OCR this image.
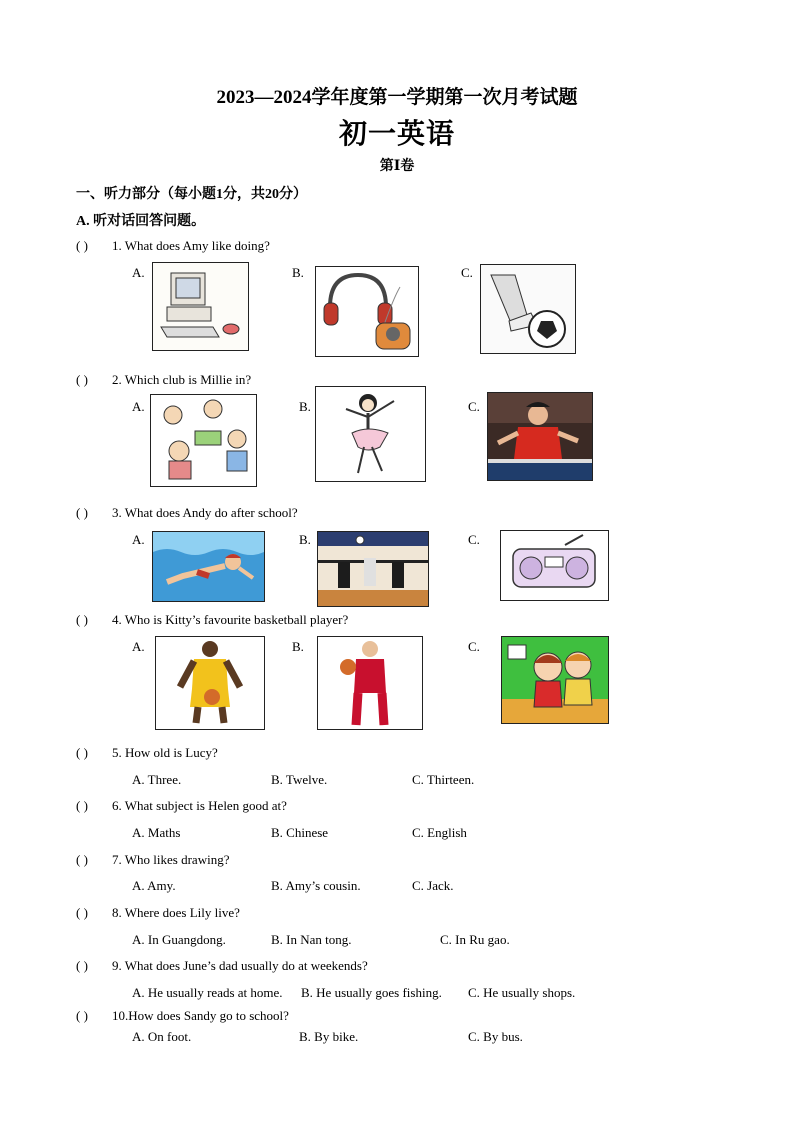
2023—2024学年度第一学期第一次月考试题
初一英语
第Ⅰ卷
一、听力部分（每小题1分，共20分）
A. 听对话回答问题。
( ) 1. What does Amy like doing?
A.	B.	C.
( ) 2. Which club is Millie in?
A.	B.	C.
( ) 3. What does Andy do after school?
A.	B.	C.
( ) 4. Who is Kitty’s favourite basketball player?
A.	B.	C.
( ) 5. How old is Lucy?
A. Three.	B. Twelve.	C. Thirteen.
( ) 6. What subject is Helen good at?
A. Maths	B. Chinese	C. English
( ) 7. Who likes drawing?
A. Amy.	B. Amy’s cousin.	C. Jack.
( ) 8. Where does Lily live?
A. In Guangdong.	B. In Nan tong.	C. In Ru gao.
( ) 9. What does June’s dad usually do at weekends?
A. He usually reads at home. B. He usually goes fishing. C. He usually shops.
( ) 10.How does Sandy go to school?
A. On foot.	B. By bike.	C. By bus.
